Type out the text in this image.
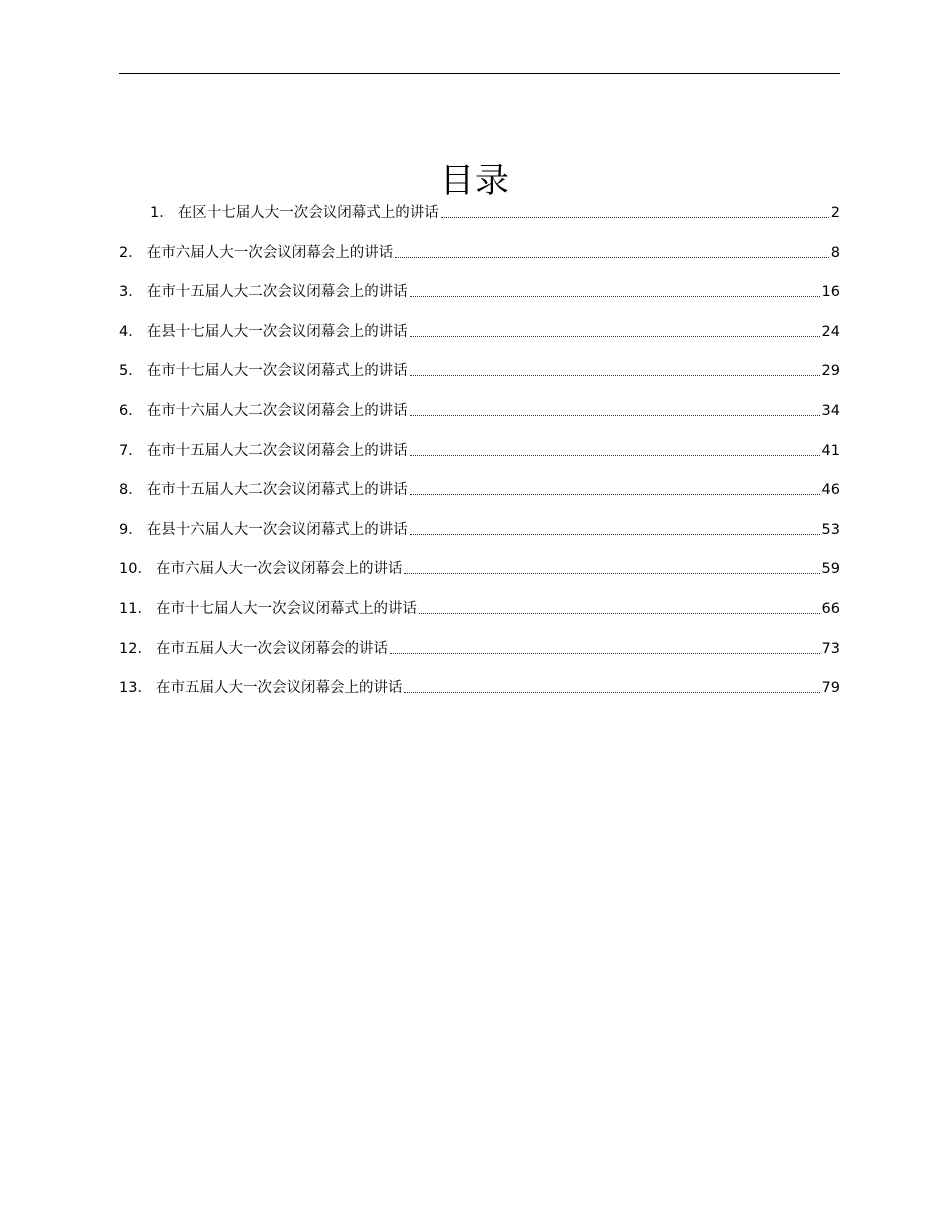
目录
1． 在区十七届人大一次会议闭幕式上的讲话	2
2． 在市六届人大一次会议闭幕会上的讲话	8
3． 在市十五届人大二次会议闭幕会上的讲话	16
4． 在县十七届人大一次会议闭幕会上的讲话	24
5． 在市十七届人大一次会议闭幕式上的讲话	29
6． 在市十六届人大二次会议闭幕会上的讲话	34
7． 在市十五届人大二次会议闭幕会上的讲话	41
8． 在市十五届人大二次会议闭幕式上的讲话	46
9． 在县十六届人大一次会议闭幕式上的讲话	53
10． 在市六届人大一次会议闭幕会上的讲话	59
11． 在市十七届人大一次会议闭幕式上的讲话	66
12． 在市五届人大一次会议闭幕会的讲话	73
13． 在市五届人大一次会议闭幕会上的讲话	79
